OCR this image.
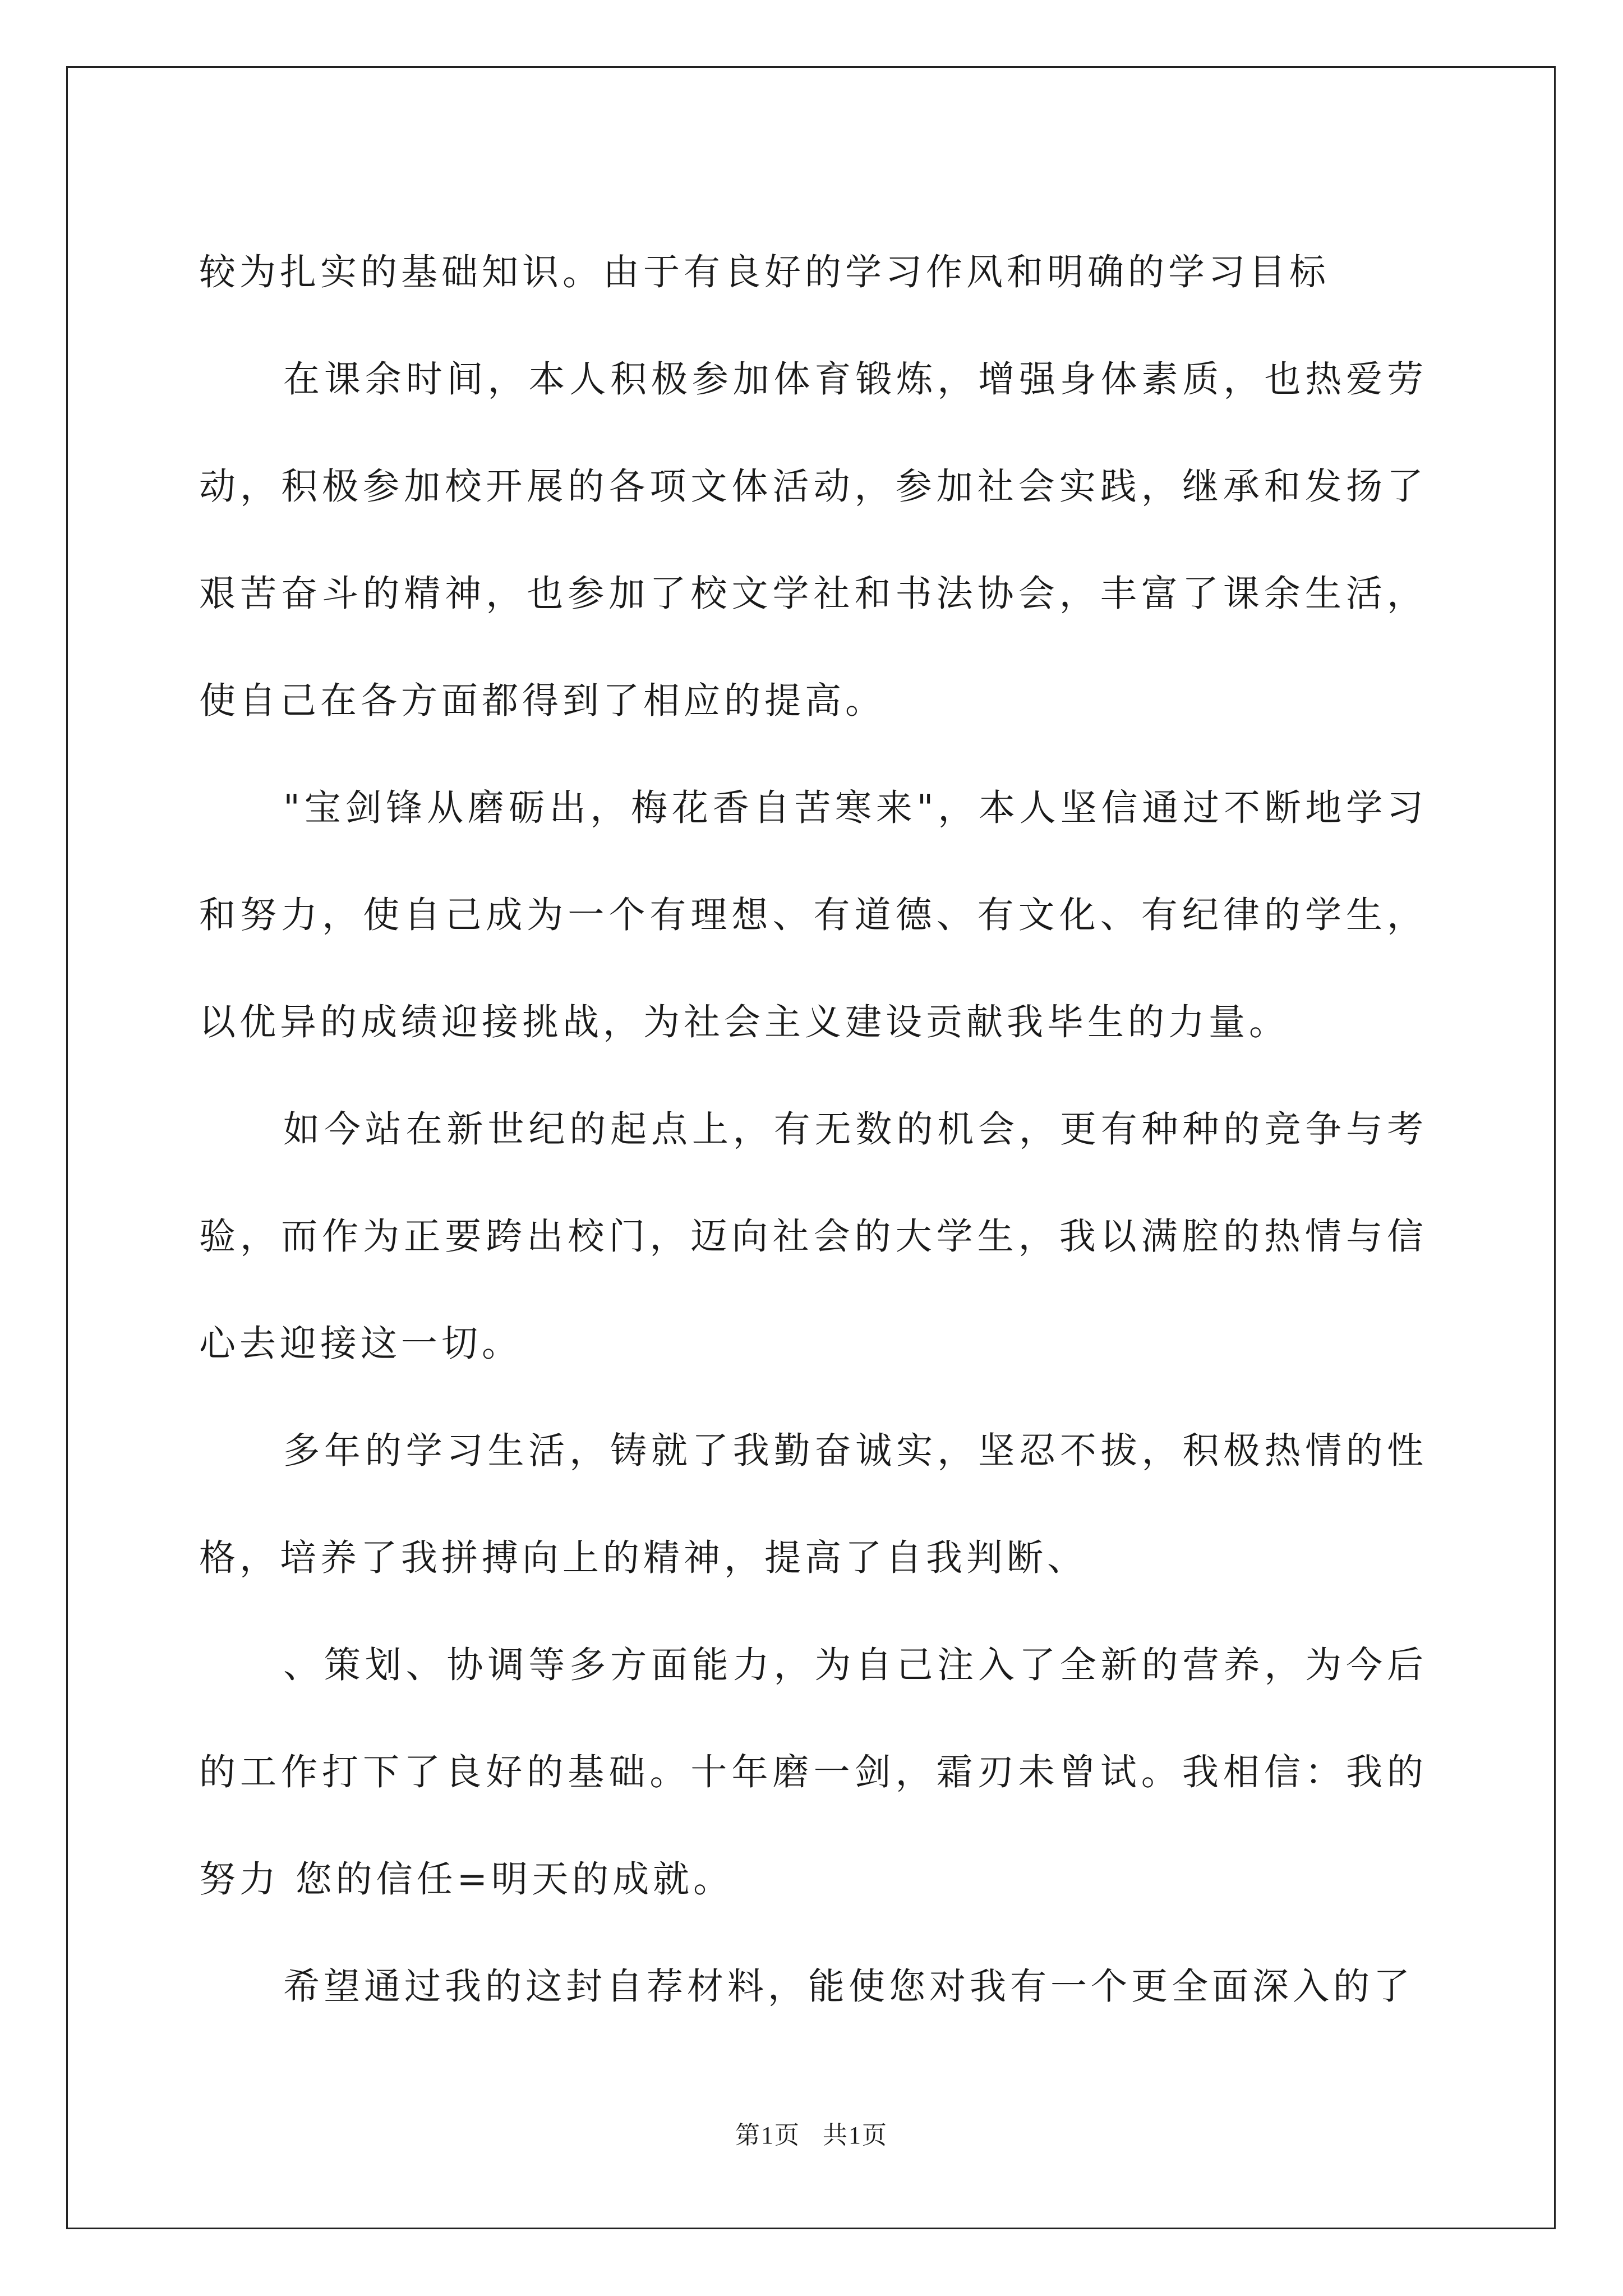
较为扎实的基础知识。由于有良好的学习作风和明确的学习目标

在课余时间，本人积极参加体育锻炼，增强身体素质，也热爱劳动，积极参加校开展的各项文体活动，参加社会实践，继承和发扬了艰苦奋斗的精神，也参加了校文学社和书法协会，丰富了课余生活，使自己在各方面都得到了相应的提高。

"宝剑锋从磨砺出，梅花香自苦寒来"，本人坚信通过不断地学习和努力，使自己成为一个有理想、有道德、有文化、有纪律的学生，以优异的成绩迎接挑战，为社会主义建设贡献我毕生的力量。

如今站在新世纪的起点上，有无数的机会，更有种种的竞争与考验，而作为正要跨出校门，迈向社会的大学生，我以满腔的热情与信心去迎接这一切。

多年的学习生活，铸就了我勤奋诚实，坚忍不拔，积极热情的性格，培养了我拼搏向上的精神，提高了自我判断、

、策划、协调等多方面能力，为自己注入了全新的营养，为今后的工作打下了良好的基础。十年磨一剑，霜刃未曾试。我相信：我的努力 您的信任=明天的成就。

希望通过我的这封自荐材料，能使您对我有一个更全面深入的了

第1页 共1页
